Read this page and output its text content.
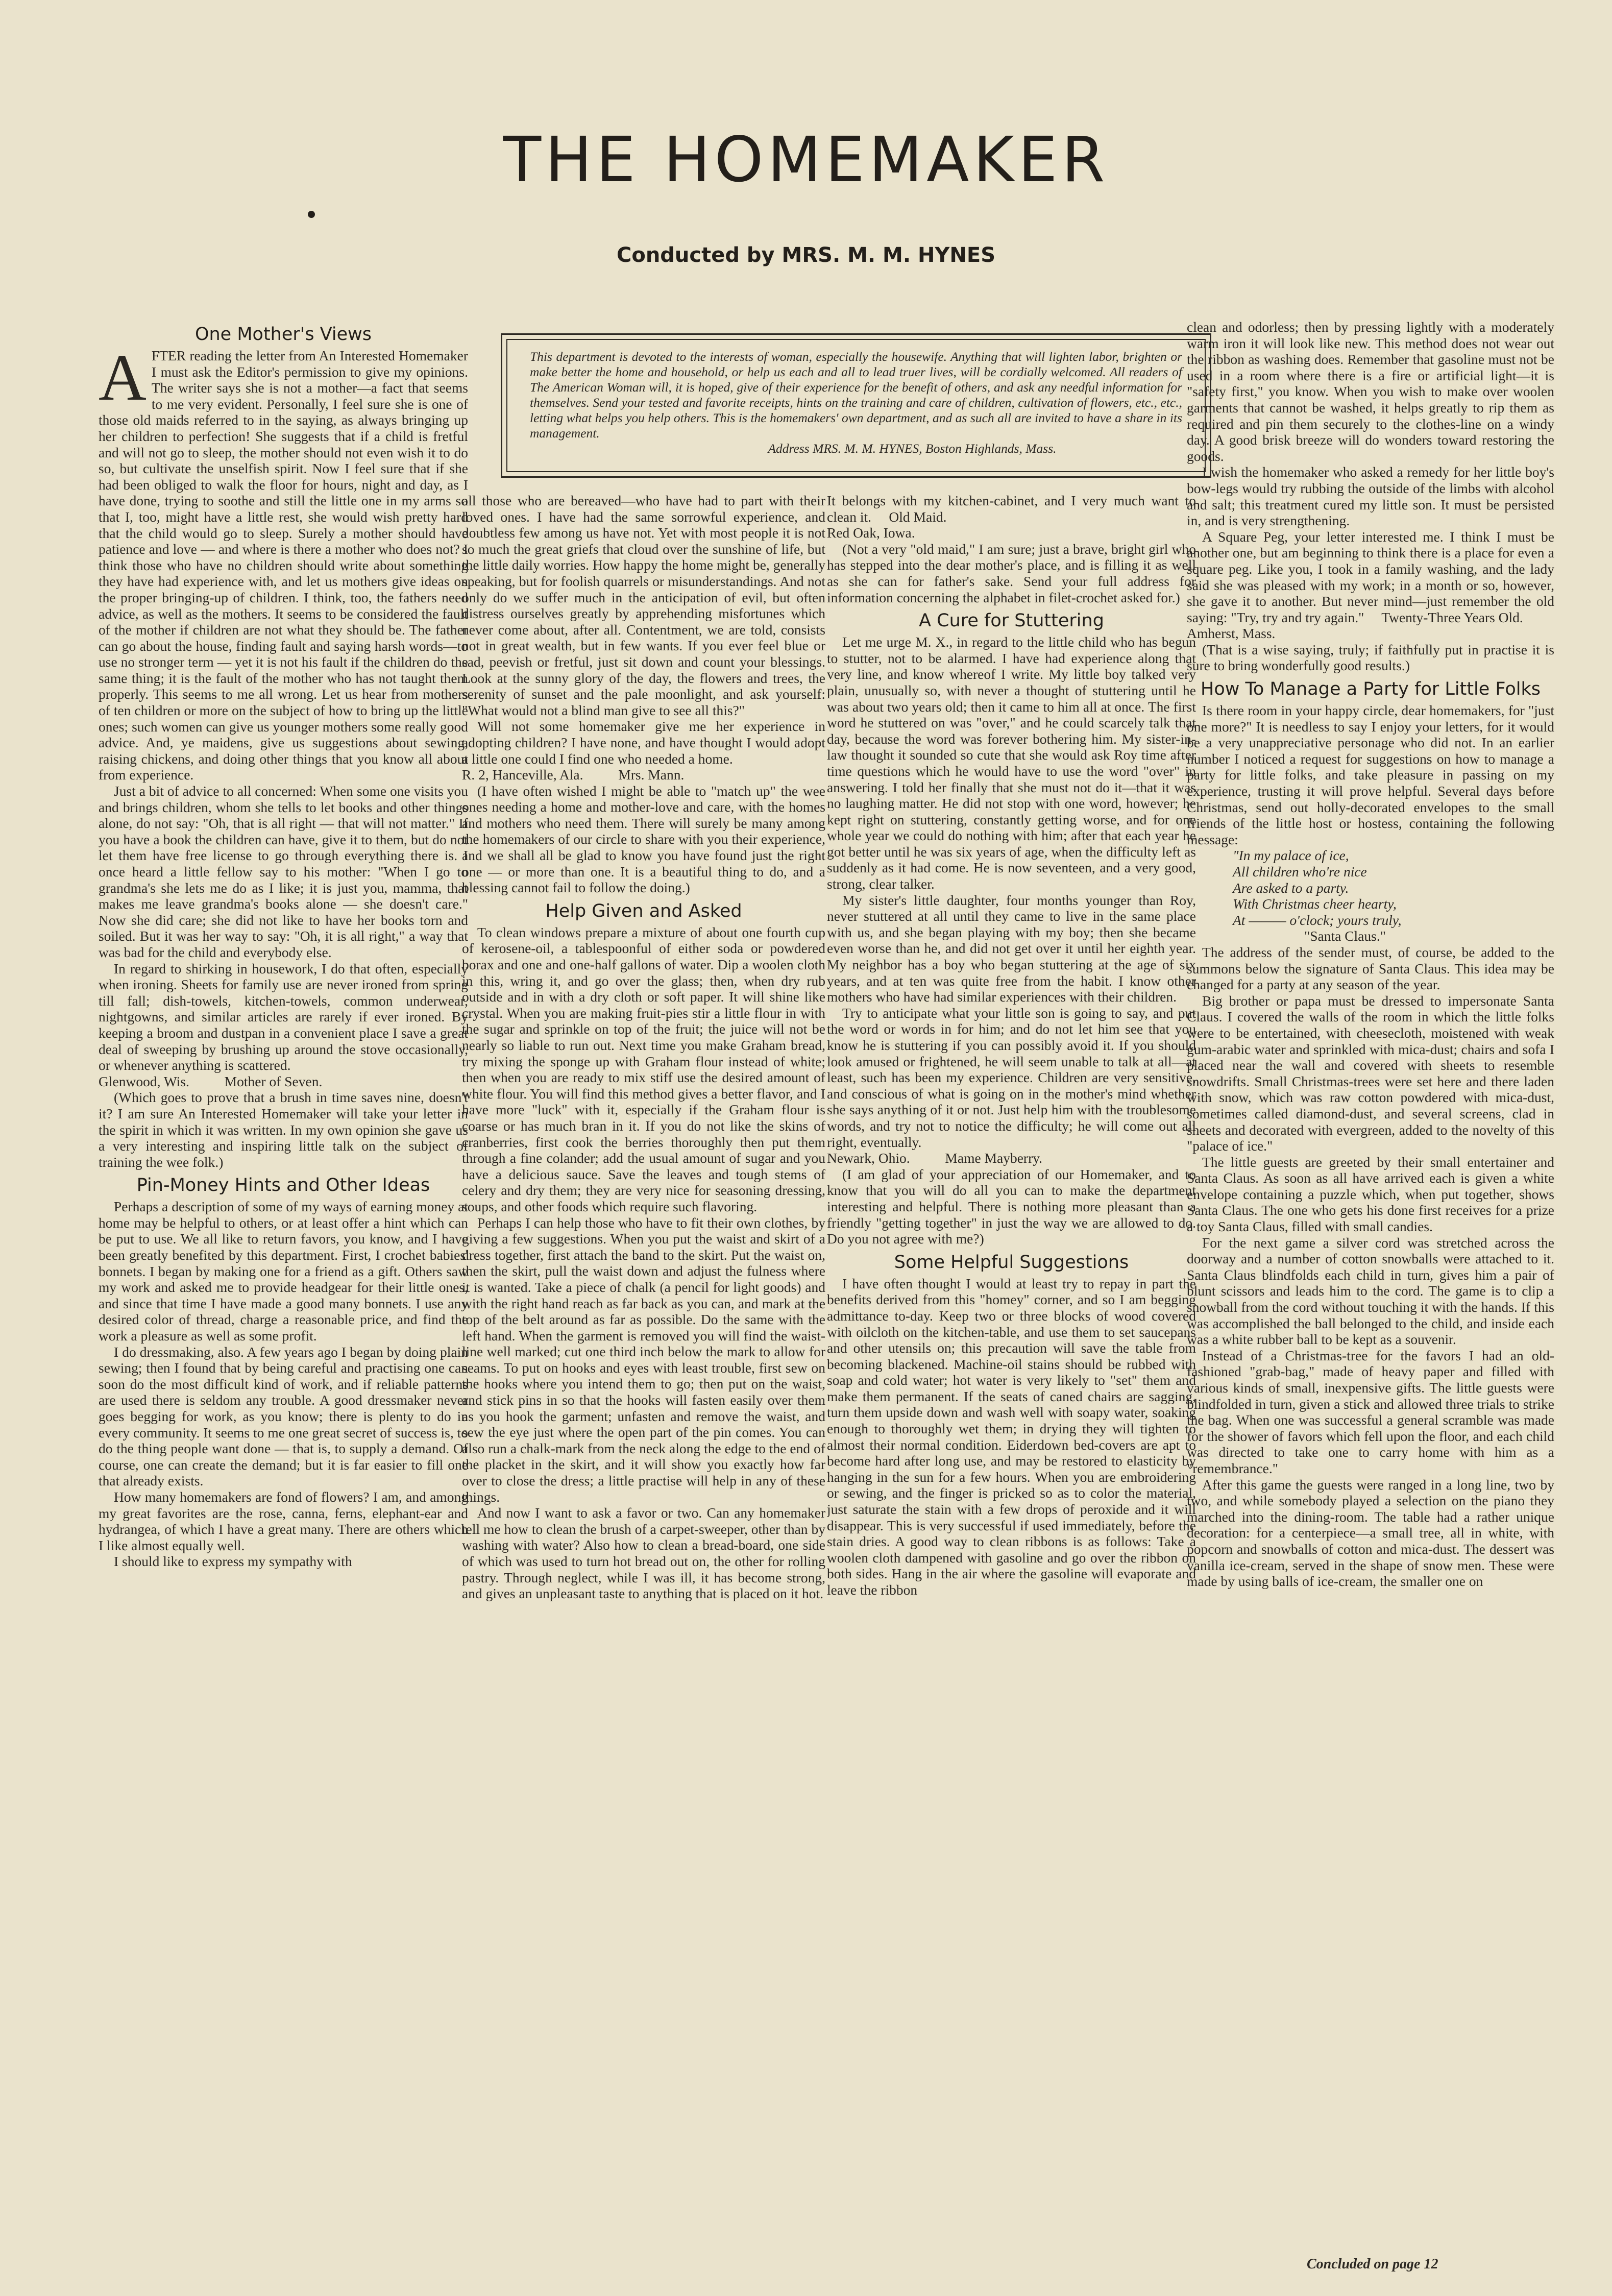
THE HOMEMAKER
Conducted by MRS. M. M. HYNES
This department is devoted to the interests of woman, especially the housewife. Anything that will lighten labor, brighten or make better the home and household, or help us each and all to lead truer lives, will be cordially welcomed. All readers of The American Woman will, it is hoped, give of their experience for the benefit of others, and ask any needful information for themselves. Send your tested and favorite receipts, hints on the training and care of children, cultivation of flowers, etc., etc., letting what helps you help others. This is the homemakers' own department, and as such all are invited to have a share in its management.
Address MRS. M. M. HYNES, Boston Highlands, Mass.
One Mother's Views

AFTER reading the letter from An Interested Homemaker I must ask the Editor's permission to give my opinions. The writer says she is not a mother—a fact that seems to me very evident. Personally, I feel sure she is one of those old maids referred to in the saying, as always bringing up her children to perfection! She suggests that if a child is fretful and will not go to sleep, the mother should not even wish it to do so, but cultivate the unselfish spirit. Now I feel sure that if she had been obliged to walk the floor for hours, night and day, as I have done, trying to soothe and still the little one in my arms so that I, too, might have a little rest, she would wish pretty hard that the child would go to sleep. Surely a mother should have patience and love — and where is there a mother who does not? I think those who have no children should write about something they have had experience with, and let us mothers give ideas on the proper bringing-up of children. I think, too, the fathers need advice, as well as the mothers. It seems to be considered the fault of the mother if children are not what they should be. The father can go about the house, finding fault and saying harsh words—to use no stronger term — yet it is not his fault if the children do the same thing; it is the fault of the mother who has not taught them properly. This seems to me all wrong. Let us hear from mothers of ten children or more on the subject of how to bring up the little ones; such women can give us younger mothers some really good advice. And, ye maidens, give us suggestions about sewing, raising chickens, and doing other things that you know all about from experience.

Just a bit of advice to all concerned: When some one visits you and brings children, whom she tells to let books and other things alone, do not say: "Oh, that is all right — that will not matter." If you have a book the children can have, give it to them, but do not let them have free license to go through everything there is. I once heard a little fellow say to his mother: "When I go to grandma's she lets me do as I like; it is just you, mamma, that makes me leave grandma's books alone — she doesn't care." Now she did care; she did not like to have her books torn and soiled. But it was her way to say: "Oh, it is all right," a way that was bad for the child and everybody else.

In regard to shirking in housework, I do that often, especially when ironing. Sheets for family use are never ironed from spring till fall; dish-towels, kitchen-towels, common underwear, nightgowns, and similar articles are rarely if ever ironed. By keeping a broom and dustpan in a convenient place I save a great deal of sweeping by brushing up around the stove occasionally, or whenever anything is scattered.

Glenwood, Wis.          Mother of Seven.

(Which goes to prove that a brush in time saves nine, doesn't it? I am sure An Interested Homemaker will take your letter in the spirit in which it was written. In my own opinion she gave us a very interesting and inspiring little talk on the subject of training the wee folk.)

Pin-Money Hints and Other Ideas

Perhaps a description of some of my ways of earning money at home may be helpful to others, or at least offer a hint which can be put to use. We all like to return favors, you know, and I have been greatly benefited by this department. First, I crochet babies' bonnets. I began by making one for a friend as a gift. Others saw my work and asked me to provide headgear for their little ones, and since that time I have made a good many bonnets. I use any desired color of thread, charge a reasonable price, and find the work a pleasure as well as some profit.

I do dressmaking, also. A few years ago I began by doing plain sewing; then I found that by being careful and practising one can soon do the most difficult kind of work, and if reliable patterns are used there is seldom any trouble. A good dressmaker never goes begging for work, as you know; there is plenty to do in every community. It seems to me one great secret of success is, to do the thing people want done — that is, to supply a demand. Of course, one can create the demand; but it is far easier to fill one that already exists.

How many homemakers are fond of flowers? I am, and among my great favorites are the rose, canna, ferns, elephant-ear and hydrangea, of which I have a great many. There are others which I like almost equally well.

I should like to express my sympathy with

all those who are bereaved—who have had to part with their loved ones. I have had the same sorrowful experience, and doubtless few among us have not. Yet with most people it is not so much the great griefs that cloud over the sunshine of life, but the little daily worries. How happy the home might be, generally speaking, but for foolish quarrels or misunderstandings. And not only do we suffer much in the anticipation of evil, but often distress ourselves greatly by apprehending misfortunes which never come about, after all. Contentment, we are told, consists not in great wealth, but in few wants. If you ever feel blue or sad, peevish or fretful, just sit down and count your blessings. Look at the sunny glory of the day, the flowers and trees, the serenity of sunset and the pale moonlight, and ask yourself: "What would not a blind man give to see all this?"

Will not some homemaker give me her experience in adopting children? I have none, and have thought I would adopt a little one could I find one who needed a home.

R. 2, Hanceville, Ala.          Mrs. Mann.

(I have often wished I might be able to "match up" the wee ones needing a home and mother-love and care, with the homes and mothers who need them. There will surely be many among the homemakers of our circle to share with you their experience, and we shall all be glad to know you have found just the right one — or more than one. It is a beautiful thing to do, and a blessing cannot fail to follow the doing.)

Help Given and Asked

To clean windows prepare a mixture of about one fourth cup of kerosene-oil, a tablespoonful of either soda or powdered borax and one and one-half gallons of water. Dip a woolen cloth in this, wring it, and go over the glass; then, when dry rub outside and in with a dry cloth or soft paper. It will shine like crystal. When you are making fruit-pies stir a little flour in with the sugar and sprinkle on top of the fruit; the juice will not be nearly so liable to run out. Next time you make Graham bread, try mixing the sponge up with Graham flour instead of white; then when you are ready to mix stiff use the desired amount of white flour. You will find this method gives a better flavor, and I have more "luck" with it, especially if the Graham flour is coarse or has much bran in it. If you do not like the skins of cranberries, first cook the berries thoroughly then put them through a fine colander; add the usual amount of sugar and you have a delicious sauce. Save the leaves and tough stems of celery and dry them; they are very nice for seasoning dressing, soups, and other foods which require such flavoring.

Perhaps I can help those who have to fit their own clothes, by giving a few suggestions. When you put the waist and skirt of a dress together, first attach the band to the skirt. Put the waist on, then the skirt, pull the waist down and adjust the fulness where it is wanted. Take a piece of chalk (a pencil for light goods) and with the right hand reach as far back as you can, and mark at the top of the belt around as far as possible. Do the same with the left hand. When the garment is removed you will find the waist-line well marked; cut one third inch below the mark to allow for seams. To put on hooks and eyes with least trouble, first sew on the hooks where you intend them to go; then put on the waist, and stick pins in so that the hooks will fasten easily over them as you hook the garment; unfasten and remove the waist, and sew the eye just where the open part of the pin comes. You can also run a chalk-mark from the neck along the edge to the end of the placket in the skirt, and it will show you exactly how far over to close the dress; a little practise will help in any of these things.

And now I want to ask a favor or two. Can any homemaker tell me how to clean the brush of a carpet-sweeper, other than by washing with water? Also how to clean a bread-board, one side of which was used to turn hot bread out on, the other for rolling pastry. Through neglect, while I was ill, it has become strong, and gives an unpleasant taste to anything that is placed on it hot.

It belongs with my kitchen-cabinet, and I very much want to clean it.     Old Maid.

Red Oak, Iowa.

(Not a very "old maid," I am sure; just a brave, bright girl who has stepped into the dear mother's place, and is filling it as well as she can for father's sake. Send your full address for information concerning the alphabet in filet-crochet asked for.)

A Cure for Stuttering

Let me urge M. X., in regard to the little child who has begun to stutter, not to be alarmed. I have had experience along that very line, and know whereof I write. My little boy talked very plain, unusually so, with never a thought of stuttering until he was about two years old; then it came to him all at once. The first word he stuttered on was "over," and he could scarcely talk that day, because the word was forever bothering him. My sister-in-law thought it sounded so cute that she would ask Roy time after time questions which he would have to use the word "over" in answering. I told her finally that she must not do it—that it was no laughing matter. He did not stop with one word, however; he kept right on stuttering, constantly getting worse, and for one whole year we could do nothing with him; after that each year he got better until he was six years of age, when the difficulty left as suddenly as it had come. He is now seventeen, and a very good, strong, clear talker.

My sister's little daughter, four months younger than Roy, never stuttered at all until they came to live in the same place with us, and she began playing with my boy; then she became even worse than he, and did not get over it until her eighth year. My neighbor has a boy who began stuttering at the age of six years, and at ten was quite free from the habit. I know other mothers who have had similar experiences with their children.

Try to anticipate what your little son is going to say, and put the word or words in for him; and do not let him see that you know he is stuttering if you can possibly avoid it. If you should look amused or frightened, he will seem unable to talk at all—at least, such has been my experience. Children are very sensitive, and conscious of what is going on in the mother's mind whether she says anything of it or not. Just help him with the troublesome words, and try not to notice the difficulty; he will come out all right, eventually.

Newark, Ohio.          Mame Mayberry.

(I am glad of your appreciation of our Homemaker, and to know that you will do all you can to make the department interesting and helpful. There is nothing more pleasant than a friendly "getting together" in just the way we are allowed to do. Do you not agree with me?)

Some Helpful Suggestions

I have often thought I would at least try to repay in part the benefits derived from this "homey" corner, and so I am begging admittance to-day. Keep two or three blocks of wood covered with oilcloth on the kitchen-table, and use them to set saucepans and other utensils on; this precaution will save the table from becoming blackened. Machine-oil stains should be rubbed with soap and cold water; hot water is very likely to "set" them and make them permanent. If the seats of caned chairs are sagging, turn them upside down and wash well with soapy water, soaking enough to thoroughly wet them; in drying they will tighten to almost their normal condition. Eiderdown bed-covers are apt to become hard after long use, and may be restored to elasticity by hanging in the sun for a few hours. When you are embroidering or sewing, and the finger is pricked so as to color the material, just saturate the stain with a few drops of peroxide and it will disappear. This is very successful if used immediately, before the stain dries. A good way to clean ribbons is as follows: Take a woolen cloth dampened with gasoline and go over the ribbon on both sides. Hang in the air where the gasoline will evaporate and leave the ribbon

clean and odorless; then by pressing lightly with a moderately warm iron it will look like new. This method does not wear out the ribbon as washing does. Remember that gasoline must not be used in a room where there is a fire or artificial light—it is "safety first," you know. When you wish to make over woolen garments that cannot be washed, it helps greatly to rip them as required and pin them securely to the clothes-line on a windy day. A good brisk breeze will do wonders toward restoring the goods.

I wish the homemaker who asked a remedy for her little boy's bow-legs would try rubbing the outside of the limbs with alcohol and salt; this treatment cured my little son. It must be persisted in, and is very strengthening.

A Square Peg, your letter interested me. I think I must be another one, but am beginning to think there is a place for even a square peg. Like you, I took in a family washing, and the lady said she was pleased with my work; in a month or so, however, she gave it to another. But never mind—just remember the old saying: "Try, try and try again."     Twenty-Three Years Old.

Amherst, Mass.

(That is a wise saying, truly; if faithfully put in practise it is sure to bring wonderfully good results.)

How To Manage a Party for Little Folks

Is there room in your happy circle, dear homemakers, for "just one more?" It is needless to say I enjoy your letters, for it would be a very unappreciative personage who did not. In an earlier number I noticed a request for suggestions on how to manage a party for little folks, and take pleasure in passing on my experience, trusting it will prove helpful. Several days before Christmas, send out holly-decorated envelopes to the small friends of the little host or hostess, containing the following message:

"In my palace of ice,

All children who're nice

Are asked to a party.

With Christmas cheer hearty,

At ——— o'clock; yours truly,

"Santa Claus."

The address of the sender must, of course, be added to the summons below the signature of Santa Claus. This idea may be changed for a party at any season of the year.

Big brother or papa must be dressed to impersonate Santa Claus. I covered the walls of the room in which the little folks were to be entertained, with cheesecloth, moistened with weak gum-arabic water and sprinkled with mica-dust; chairs and sofa I placed near the wall and covered with sheets to resemble snowdrifts. Small Christmas-trees were set here and there laden with snow, which was raw cotton powdered with mica-dust, sometimes called diamond-dust, and several screens, clad in sheets and decorated with evergreen, added to the novelty of this "palace of ice."

The little guests are greeted by their small entertainer and Santa Claus. As soon as all have arrived each is given a white envelope containing a puzzle which, when put together, shows Santa Claus. The one who gets his done first receives for a prize a toy Santa Claus, filled with small candies.

For the next game a silver cord was stretched across the doorway and a number of cotton snowballs were attached to it. Santa Claus blindfolds each child in turn, gives him a pair of blunt scissors and leads him to the cord. The game is to clip a snowball from the cord without touching it with the hands. If this was accomplished the ball belonged to the child, and inside each was a white rubber ball to be kept as a souvenir.

Instead of a Christmas-tree for the favors I had an old-fashioned "grab-bag," made of heavy paper and filled with various kinds of small, inexpensive gifts. The little guests were blindfolded in turn, given a stick and allowed three trials to strike the bag. When one was successful a general scramble was made for the shower of favors which fell upon the floor, and each child was directed to take one to carry home with him as a "remembrance."

After this game the guests were ranged in a long line, two by two, and while somebody played a selection on the piano they marched into the dining-room. The table had a rather unique decoration: for a centerpiece—a small tree, all in white, with popcorn and snowballs of cotton and mica-dust. The dessert was vanilla ice-cream, served in the shape of snow men. These were made by using balls of ice-cream, the smaller one on

Concluded on page 12
